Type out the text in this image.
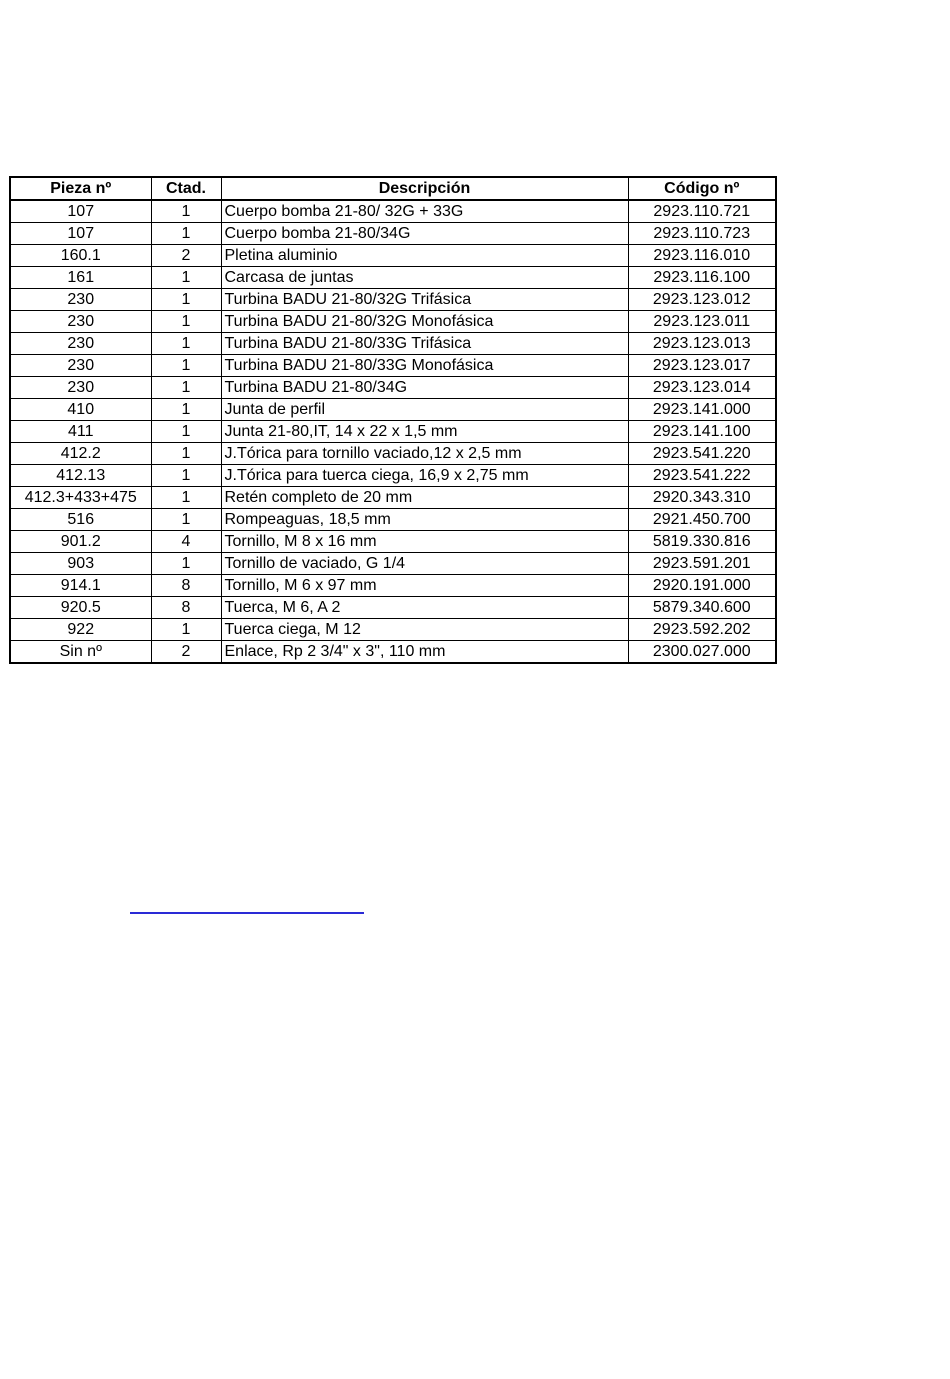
Pieza nº	Ctad.	Descripción	Código nº
107	1	Cuerpo bomba 21-80/ 32G + 33G	2923.110.721
107	1	Cuerpo bomba 21-80/34G	2923.110.723
160.1	2	Pletina aluminio	2923.116.010
161	1	Carcasa de juntas	2923.116.100
230	1	Turbina BADU 21-80/32G Trifásica	2923.123.012
230	1	Turbina BADU 21-80/32G Monofásica	2923.123.011
230	1	Turbina BADU 21-80/33G Trifásica	2923.123.013
230	1	Turbina BADU 21-80/33G Monofásica	2923.123.017
230	1	Turbina BADU 21-80/34G	2923.123.014
410	1	Junta de perfil	2923.141.000
411	1	Junta 21-80,IT, 14 x 22 x 1,5 mm	2923.141.100
412.2	1	J.Tórica para tornillo vaciado,12 x 2,5 mm	2923.541.220
412.13	1	J.Tórica para tuerca ciega, 16,9 x 2,75 mm	2923.541.222
412.3+433+475	1	Retén completo de 20 mm	2920.343.310
516	1	Rompeaguas, 18,5 mm	2921.450.700
901.2	4	Tornillo, M 8 x 16 mm	5819.330.816
903	1	Tornillo de vaciado, G 1/4	2923.591.201
914.1	8	Tornillo, M 6 x 97 mm	2920.191.000
920.5	8	Tuerca, M 6, A 2	5879.340.600
922	1	Tuerca ciega, M 12	2923.592.202
Sin nº	2	Enlace, Rp 2 3/4" x 3", 110 mm	2300.027.000
